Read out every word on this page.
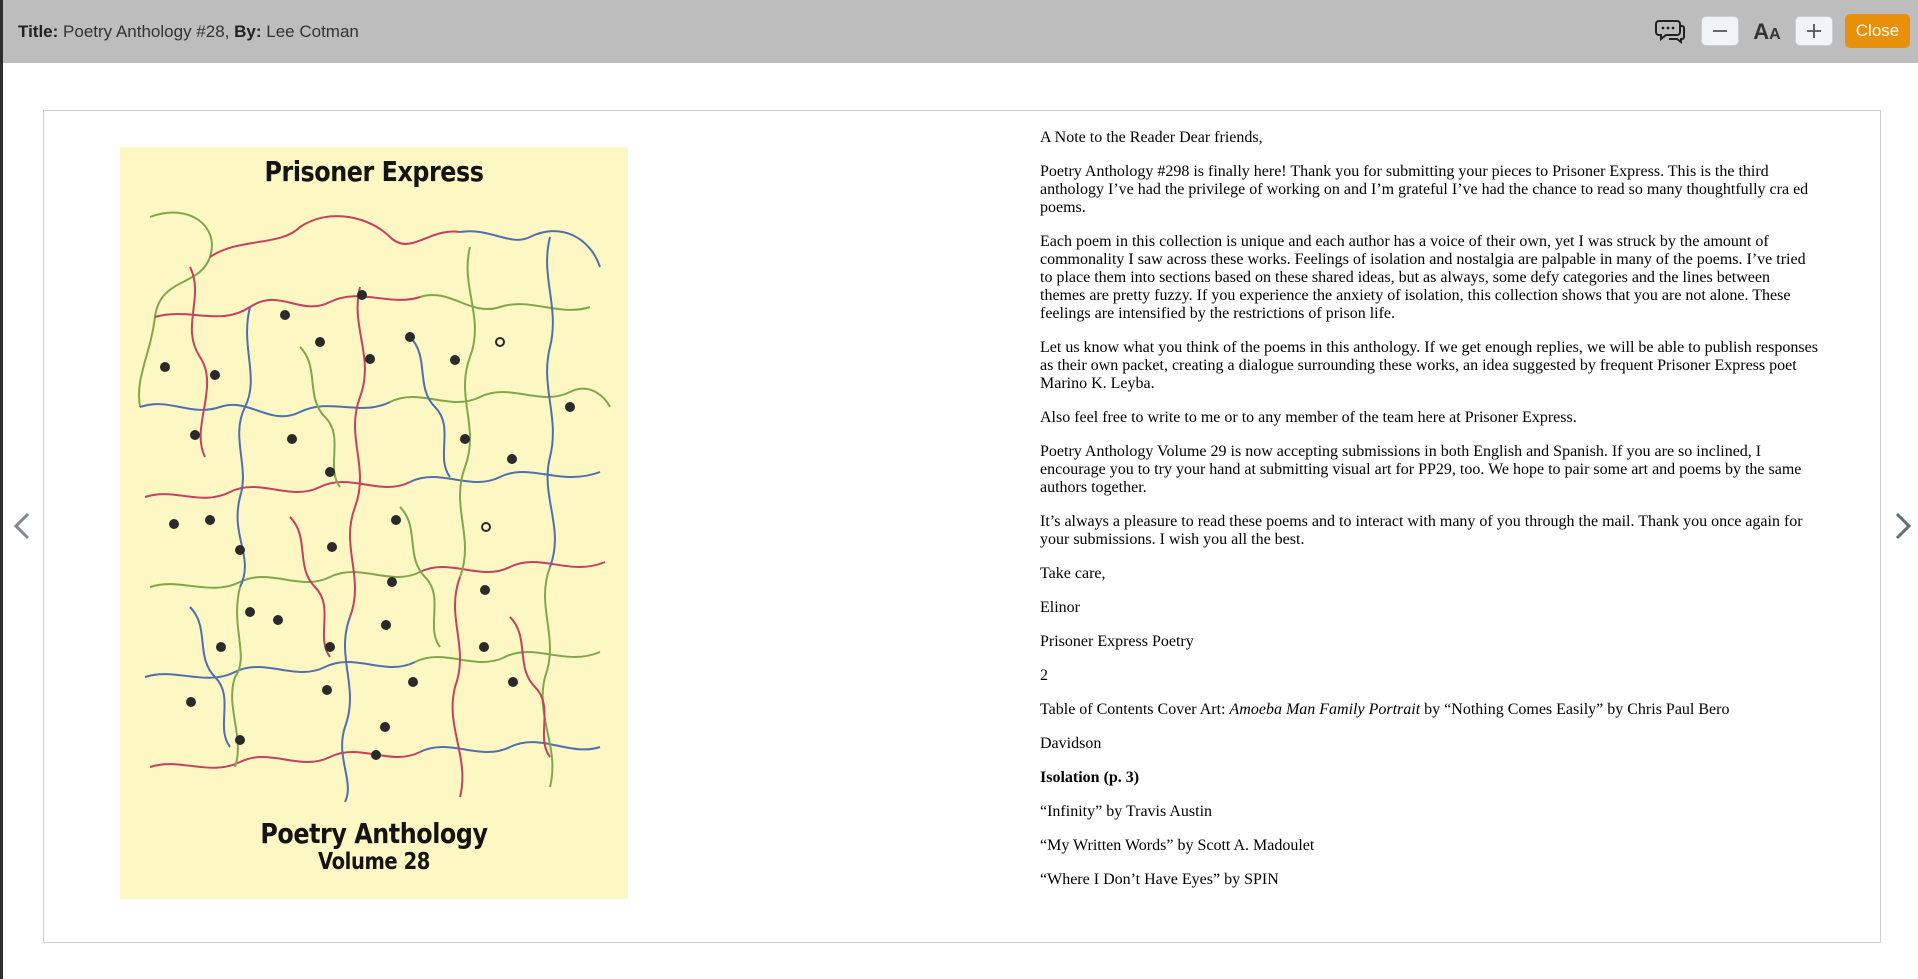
Title: Poetry Anthology #28, By: Lee Cotman	AA	Close
Prisoner Express
Poetry Anthology
Volume 28

A Note to the Reader Dear friends,

Poetry Anthology #298 is finally here! Thank you for submitting your pieces to Prisoner Express. This is the third anthology I’ve had the privilege of working on and I’m grateful I’ve had the chance to read so many thoughtfully cra ed poems.

Each poem in this collection is unique and each author has a voice of their own, yet I was struck by the amount of commonality I saw across these works. Feelings of isolation and nostalgia are palpable in many of the poems. I’ve tried to place them into sections based on these shared ideas, but as always, some defy categories and the lines between themes are pretty fuzzy. If you experience the anxiety of isolation, this collection shows that you are not alone. These feelings are intensified by the restrictions of prison life.

Let us know what you think of the poems in this anthology. If we get enough replies, we will be able to publish responses as their own packet, creating a dialogue surrounding these works, an idea suggested by frequent Prisoner Express poet Marino K. Leyba.

Also feel free to write to me or to any member of the team here at Prisoner Express.

Poetry Anthology Volume 29 is now accepting submissions in both English and Spanish. If you are so inclined, I encourage you to try your hand at submitting visual art for PP29, too. We hope to pair some art and poems by the same authors together.

It’s always a pleasure to read these poems and to interact with many of you through the mail. Thank you once again for your submissions. I wish you all the best.

Take care,

Elinor

Prisoner Express Poetry

2

Table of Contents Cover Art: Amoeba Man Family Portrait by “Nothing Comes Easily” by Chris Paul Bero

Davidson

Isolation (p. 3)

“Infinity” by Travis Austin

“My Written Words” by Scott A. Madoulet

“Where I Don’t Have Eyes” by SPIN
